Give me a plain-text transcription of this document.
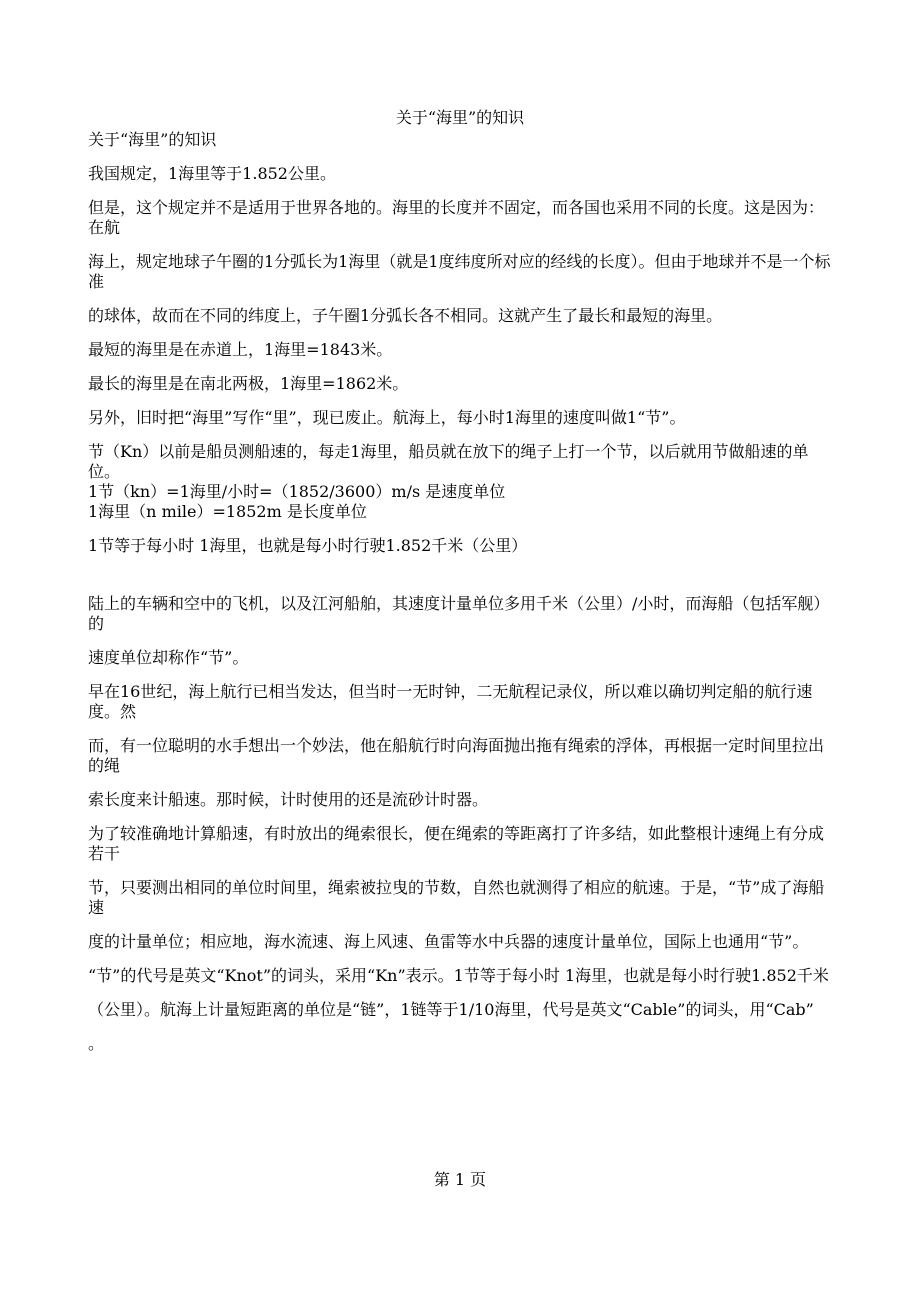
关于“海里”的知识

关于“海里”的知识

我国规定，1海里等于1.852公里。

但是，这个规定并不是适用于世界各地的。海里的长度并不固定，而各国也采用不同的长度。这是因为：在航

海上，规定地球子午圈的1分弧长为1海里（就是1度纬度所对应的经线的长度）。但由于地球并不是一个标准

的球体，故而在不同的纬度上，子午圈1分弧长各不相同。这就产生了最长和最短的海里。

最短的海里是在赤道上，1海里=1843米。

最长的海里是在南北两极，1海里=1862米。

另外，旧时把“海里”写作“里”，现已废止。航海上，每小时1海里的速度叫做1“节”。

节（Kn）以前是船员测船速的，每走1海里，船员就在放下的绳子上打一个节，以后就用节做船速的单位。

1节（kn）=1海里/小时=（1852/3600）m/s 是速度单位

1海里（n mile）=1852m 是长度单位

1节等于每小时 1海里，也就是每小时行驶1.852千米（公里）

陆上的车辆和空中的飞机，以及江河船舶，其速度计量单位多用千米（公里）/小时，而海船（包括军舰）的

速度单位却称作“节”。

早在16世纪，海上航行已相当发达，但当时一无时钟，二无航程记录仪，所以难以确切判定船的航行速度。然

而，有一位聪明的水手想出一个妙法，他在船航行时向海面抛出拖有绳索的浮体，再根据一定时间里拉出的绳

索长度来计船速。那时候，计时使用的还是流砂计时器。

为了较准确地计算船速，有时放出的绳索很长，便在绳索的等距离打了许多结，如此整根计速绳上有分成若干

节，只要测出相同的单位时间里，绳索被拉曳的节数，自然也就测得了相应的航速。于是，“节”成了海船速

度的计量单位；相应地，海水流速、海上风速、鱼雷等水中兵器的速度计量单位，国际上也通用“节”。

“节”的代号是英文“Knot”的词头，采用“Kn”表示。1节等于每小时 1海里，也就是每小时行驶1.852千米

（公里）。航海上计量短距离的单位是“链”，1链等于1/10海里，代号是英文“Cable”的词头，用“Cab”

。

第 1 页
